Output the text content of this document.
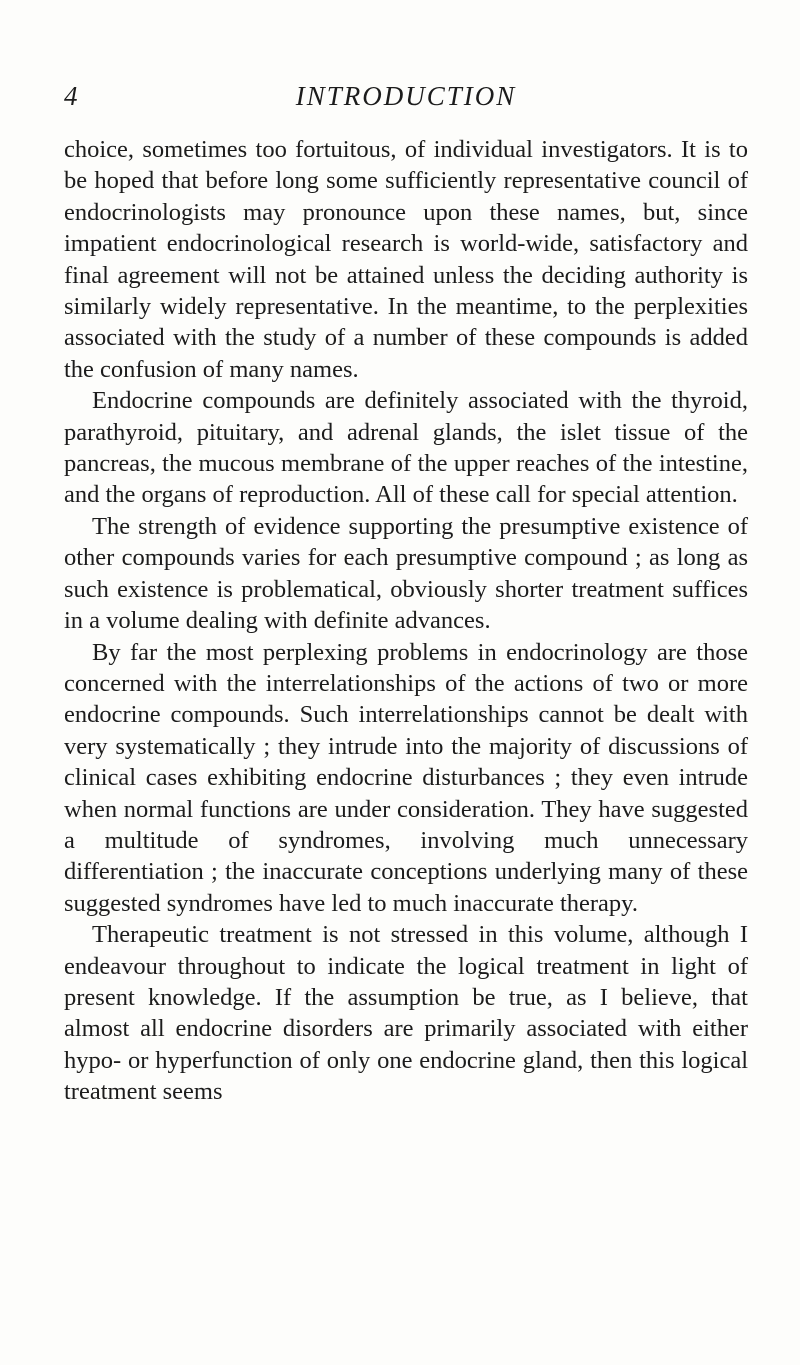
4	INTRODUCTION

choice, sometimes too fortuitous, of individual investigators. It is to be hoped that before long some sufficiently representative council of endocrinologists may pronounce upon these names, but, since impatient endocrinological research is world-wide, satisfactory and final agreement will not be attained unless the deciding authority is similarly widely representative. In the meantime, to the perplexities associated with the study of a number of these compounds is added the confusion of many names.

Endocrine compounds are definitely associated with the thyroid, parathyroid, pituitary, and adrenal glands, the islet tissue of the pancreas, the mucous membrane of the upper reaches of the intestine, and the organs of reproduction. All of these call for special attention.

The strength of evidence supporting the presumptive existence of other compounds varies for each presumptive compound ; as long as such existence is problematical, obviously shorter treatment suffices in a volume dealing with definite advances.

By far the most perplexing problems in endocrinology are those concerned with the interrelationships of the actions of two or more endocrine compounds. Such interrelationships cannot be dealt with very systematically ; they intrude into the majority of discussions of clinical cases exhibiting endocrine disturbances ; they even intrude when normal functions are under consideration. They have suggested a multitude of syndromes, involving much unnecessary differentiation ; the inaccurate conceptions underlying many of these suggested syndromes have led to much inaccurate therapy.

Therapeutic treatment is not stressed in this volume, although I endeavour throughout to indicate the logical treatment in light of present knowledge. If the assumption be true, as I believe, that almost all endocrine disorders are primarily associated with either hypo- or hyperfunction of only one endocrine gland, then this logical treatment seems
